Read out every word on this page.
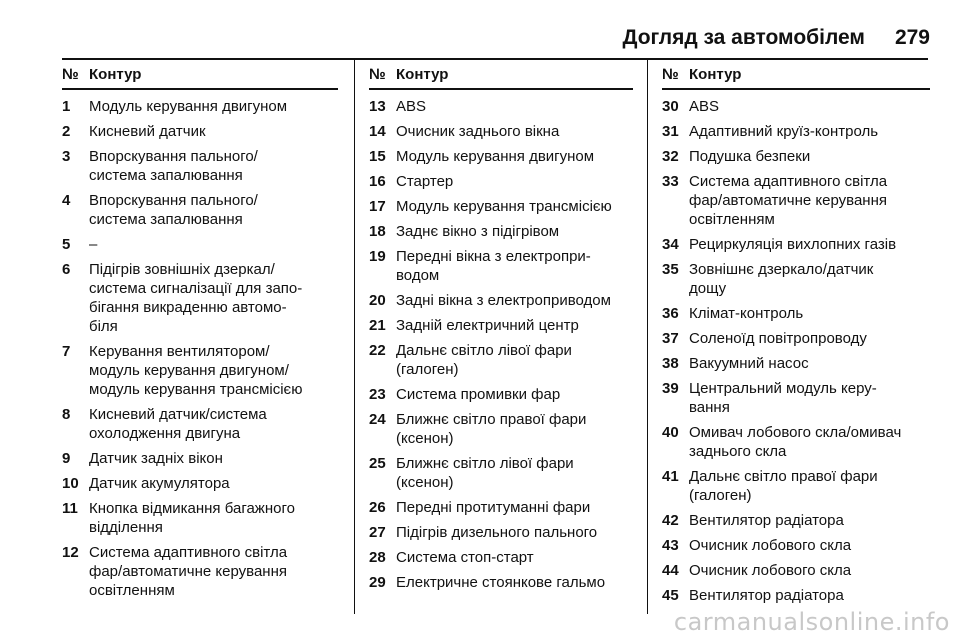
Догляд за автомобілем 279
№ Контур
1	Модуль керування двигуном
2	Кисневий датчик
3	Впорскування пального/
система запалювання
4	Впорскування пального/
система запалювання
5	–
6	Підігрів зовнішніх дзеркал/
система сигналізації для запо-
бігання викраденню автомо-
біля
7	Керування вентилятором/
модуль керування двигуном/
модуль керування трансмісією
8	Кисневий датчик/система
охолодження двигуна
9	Датчик задніх вікон
10 Датчик акумулятора
11 Кнопка відмикання багажного
відділення
12 Система адаптивного світла
фар/автоматичне керування
освітленням
№ Контур
13 ABS
14 Очисник заднього вікна
15 Модуль керування двигуном
16 Стартер
17 Модуль керування трансмісією
18 Заднє вікно з підігрівом
19 Передні вікна з електропри-
водом
20 Задні вікна з електроприводом
21 Задній електричний центр
22 Дальнє світло лівої фари
(галоген)
23 Система промивки фар
24 Ближнє світло правої фари
(ксенон)
25 Ближнє світло лівої фари
(ксенон)
26 Передні протитуманні фари
27 Підігрів дизельного пального
28 Система стоп-старт
29 Електричне стоянкове гальмо
№ Контур
30 ABS
31 Адаптивний круїз-контроль
32 Подушка безпеки
33 Система адаптивного світла
фар/автоматичне керування
освітленням
34 Рециркуляція вихлопних газів
35 Зовнішнє дзеркало/датчик
дощу
36 Клімат-контроль
37 Соленоїд повітропроводу
38 Вакуумний насос
39 Центральний модуль керу-
вання
40 Омивач лобового скла/омивач
заднього скла
41 Дальнє світло правої фари
(галоген)
42 Вентилятор радіатора
43 Очисник лобового скла
44 Очисник лобового скла
45 Вентилятор радіатора
carmanualsonline.info
